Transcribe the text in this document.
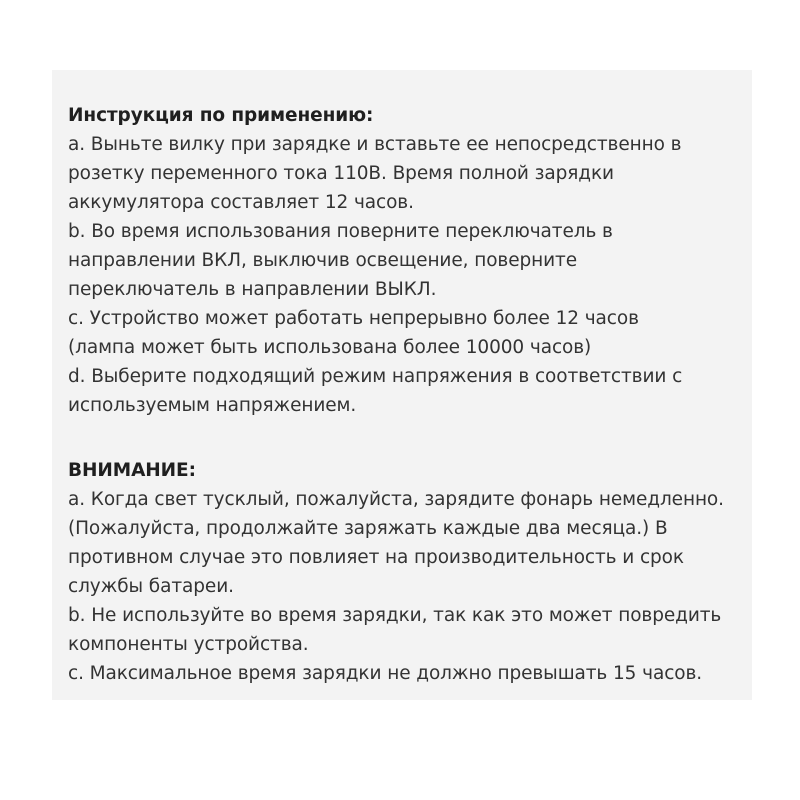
Инструкция по применению:
a. Выньте вилку при зарядке и вставьте ее непосредственно в
розетку переменного тока 110В. Время полной зарядки
аккумулятора составляет 12 часов.
b. Во время использования поверните переключатель в
направлении ВКЛ, выключив освещение, поверните
переключатель в направлении ВЫКЛ.
c. Устройство может работать непрерывно более 12 часов
(лампа может быть использована более 10000 часов)
d. Выберите подходящий режим напряжения в соответствии с
используемым напряжением.
ВНИМАНИЕ:
a. Когда свет тусклый, пожалуйста, зарядите фонарь немедленно.
(Пожалуйста, продолжайте заряжать каждые два месяца.) В
противном случае это повлияет на производительность и срок
службы батареи.
b. Не используйте во время зарядки, так как это может повредить
компоненты устройства.
c. Максимальное время зарядки не должно превышать 15 часов.
